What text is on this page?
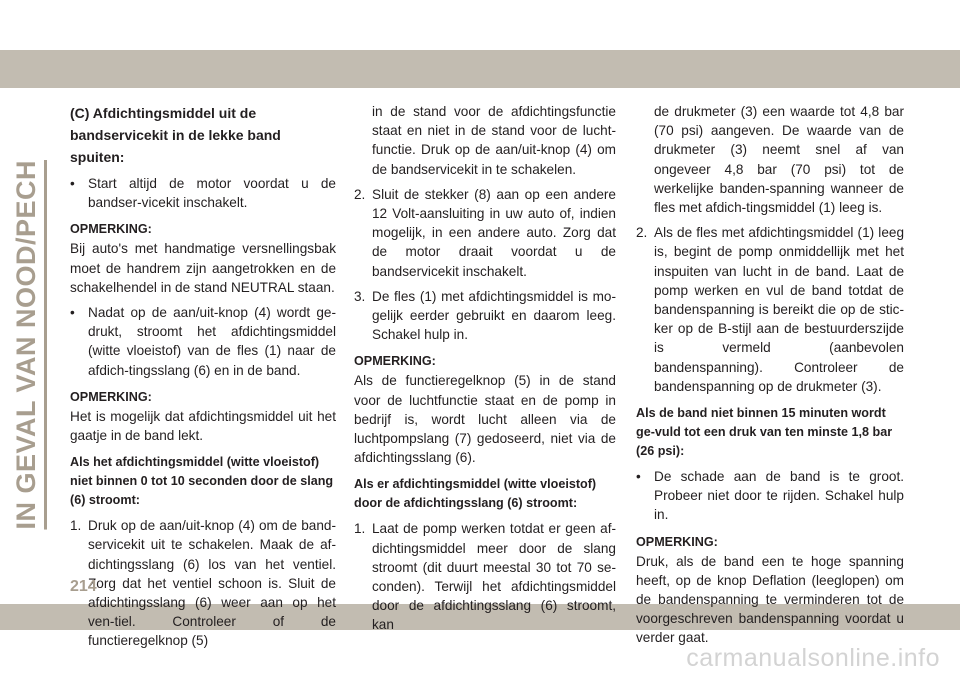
IN GEVAL VAN NOOD/PECH
(C) Afdichtingsmiddel uit de bandservicekit in de lekke band spuiten:
• Start altijd de motor voordat u de bandser-vicekit inschakelt.
OPMERKING:
Bij auto's met handmatige versnellingsbak moet de handrem zijn aangetrokken en de schakelhendel in de stand NEUTRAL staan.
• Nadat op de aan/uit-knop (4) wordt ge-drukt, stroomt het afdichtingsmiddel (witte vloeistof) van de fles (1) naar de afdich-tingsslang (6) en in de band.
OPMERKING:
Het is mogelijk dat afdichtingsmiddel uit het gaatje in de band lekt.
Als het afdichtingsmiddel (witte vloeistof) niet binnen 0 tot 10 seconden door de slang (6) stroomt:
1. Druk op de aan/uit-knop (4) om de band-servicekit uit te schakelen. Maak de af-dichtingsslang (6) los van het ventiel. Zorg dat het ventiel schoon is. Sluit de afdichtingsslang (6) weer aan op het ven-tiel. Controleer of de functieregelknop (5)
in de stand voor de afdichtingsfunctie staat en niet in de stand voor de lucht-functie. Druk op de aan/uit-knop (4) om de bandservicekit in te schakelen.
2. Sluit de stekker (8) aan op een andere 12 Volt-aansluiting in uw auto of, indien mogelijk, in een andere auto. Zorg dat de motor draait voordat u de bandservicekit inschakelt.
3. De fles (1) met afdichtingsmiddel is mo-gelijk eerder gebruikt en daarom leeg. Schakel hulp in.
OPMERKING:
Als de functieregelknop (5) in de stand voor de luchtfunctie staat en de pomp in bedrijf is, wordt lucht alleen via de luchtpompslang (7) gedoseerd, niet via de afdichtingsslang (6).
Als er afdichtingsmiddel (witte vloeistof) door de afdichtingsslang (6) stroomt:
1. Laat de pomp werken totdat er geen af-dichtingsmiddel meer door de slang stroomt (dit duurt meestal 30 tot 70 se-conden). Terwijl het afdichtingsmiddel door de afdichtingsslang (6) stroomt, kan
de drukmeter (3) een waarde tot 4,8 bar (70 psi) aangeven. De waarde van de drukmeter (3) neemt snel af van ongeveer 4,8 bar (70 psi) tot de werkelijke banden-spanning wanneer de fles met afdich-tingsmiddel (1) leeg is.
2. Als de fles met afdichtingsmiddel (1) leeg is, begint de pomp onmiddellijk met het inspuiten van lucht in de band. Laat de pomp werken en vul de band totdat de bandenspanning is bereikt die op de stic-ker op de B-stijl aan de bestuurderszijde is vermeld (aanbevolen bandenspanning). Controleer de bandenspanning op de drukmeter (3).
Als de band niet binnen 15 minuten wordt ge-vuld tot een druk van ten minste 1,8 bar (26 psi):
• De schade aan de band is te groot. Probeer niet door te rijden. Schakel hulp in.
OPMERKING:
Druk, als de band een te hoge spanning heeft, op de knop Deflation (leeglopen) om de bandenspanning te verminderen tot de voorgeschreven bandenspanning voordat u verder gaat.
214
carmanualsonline.info
